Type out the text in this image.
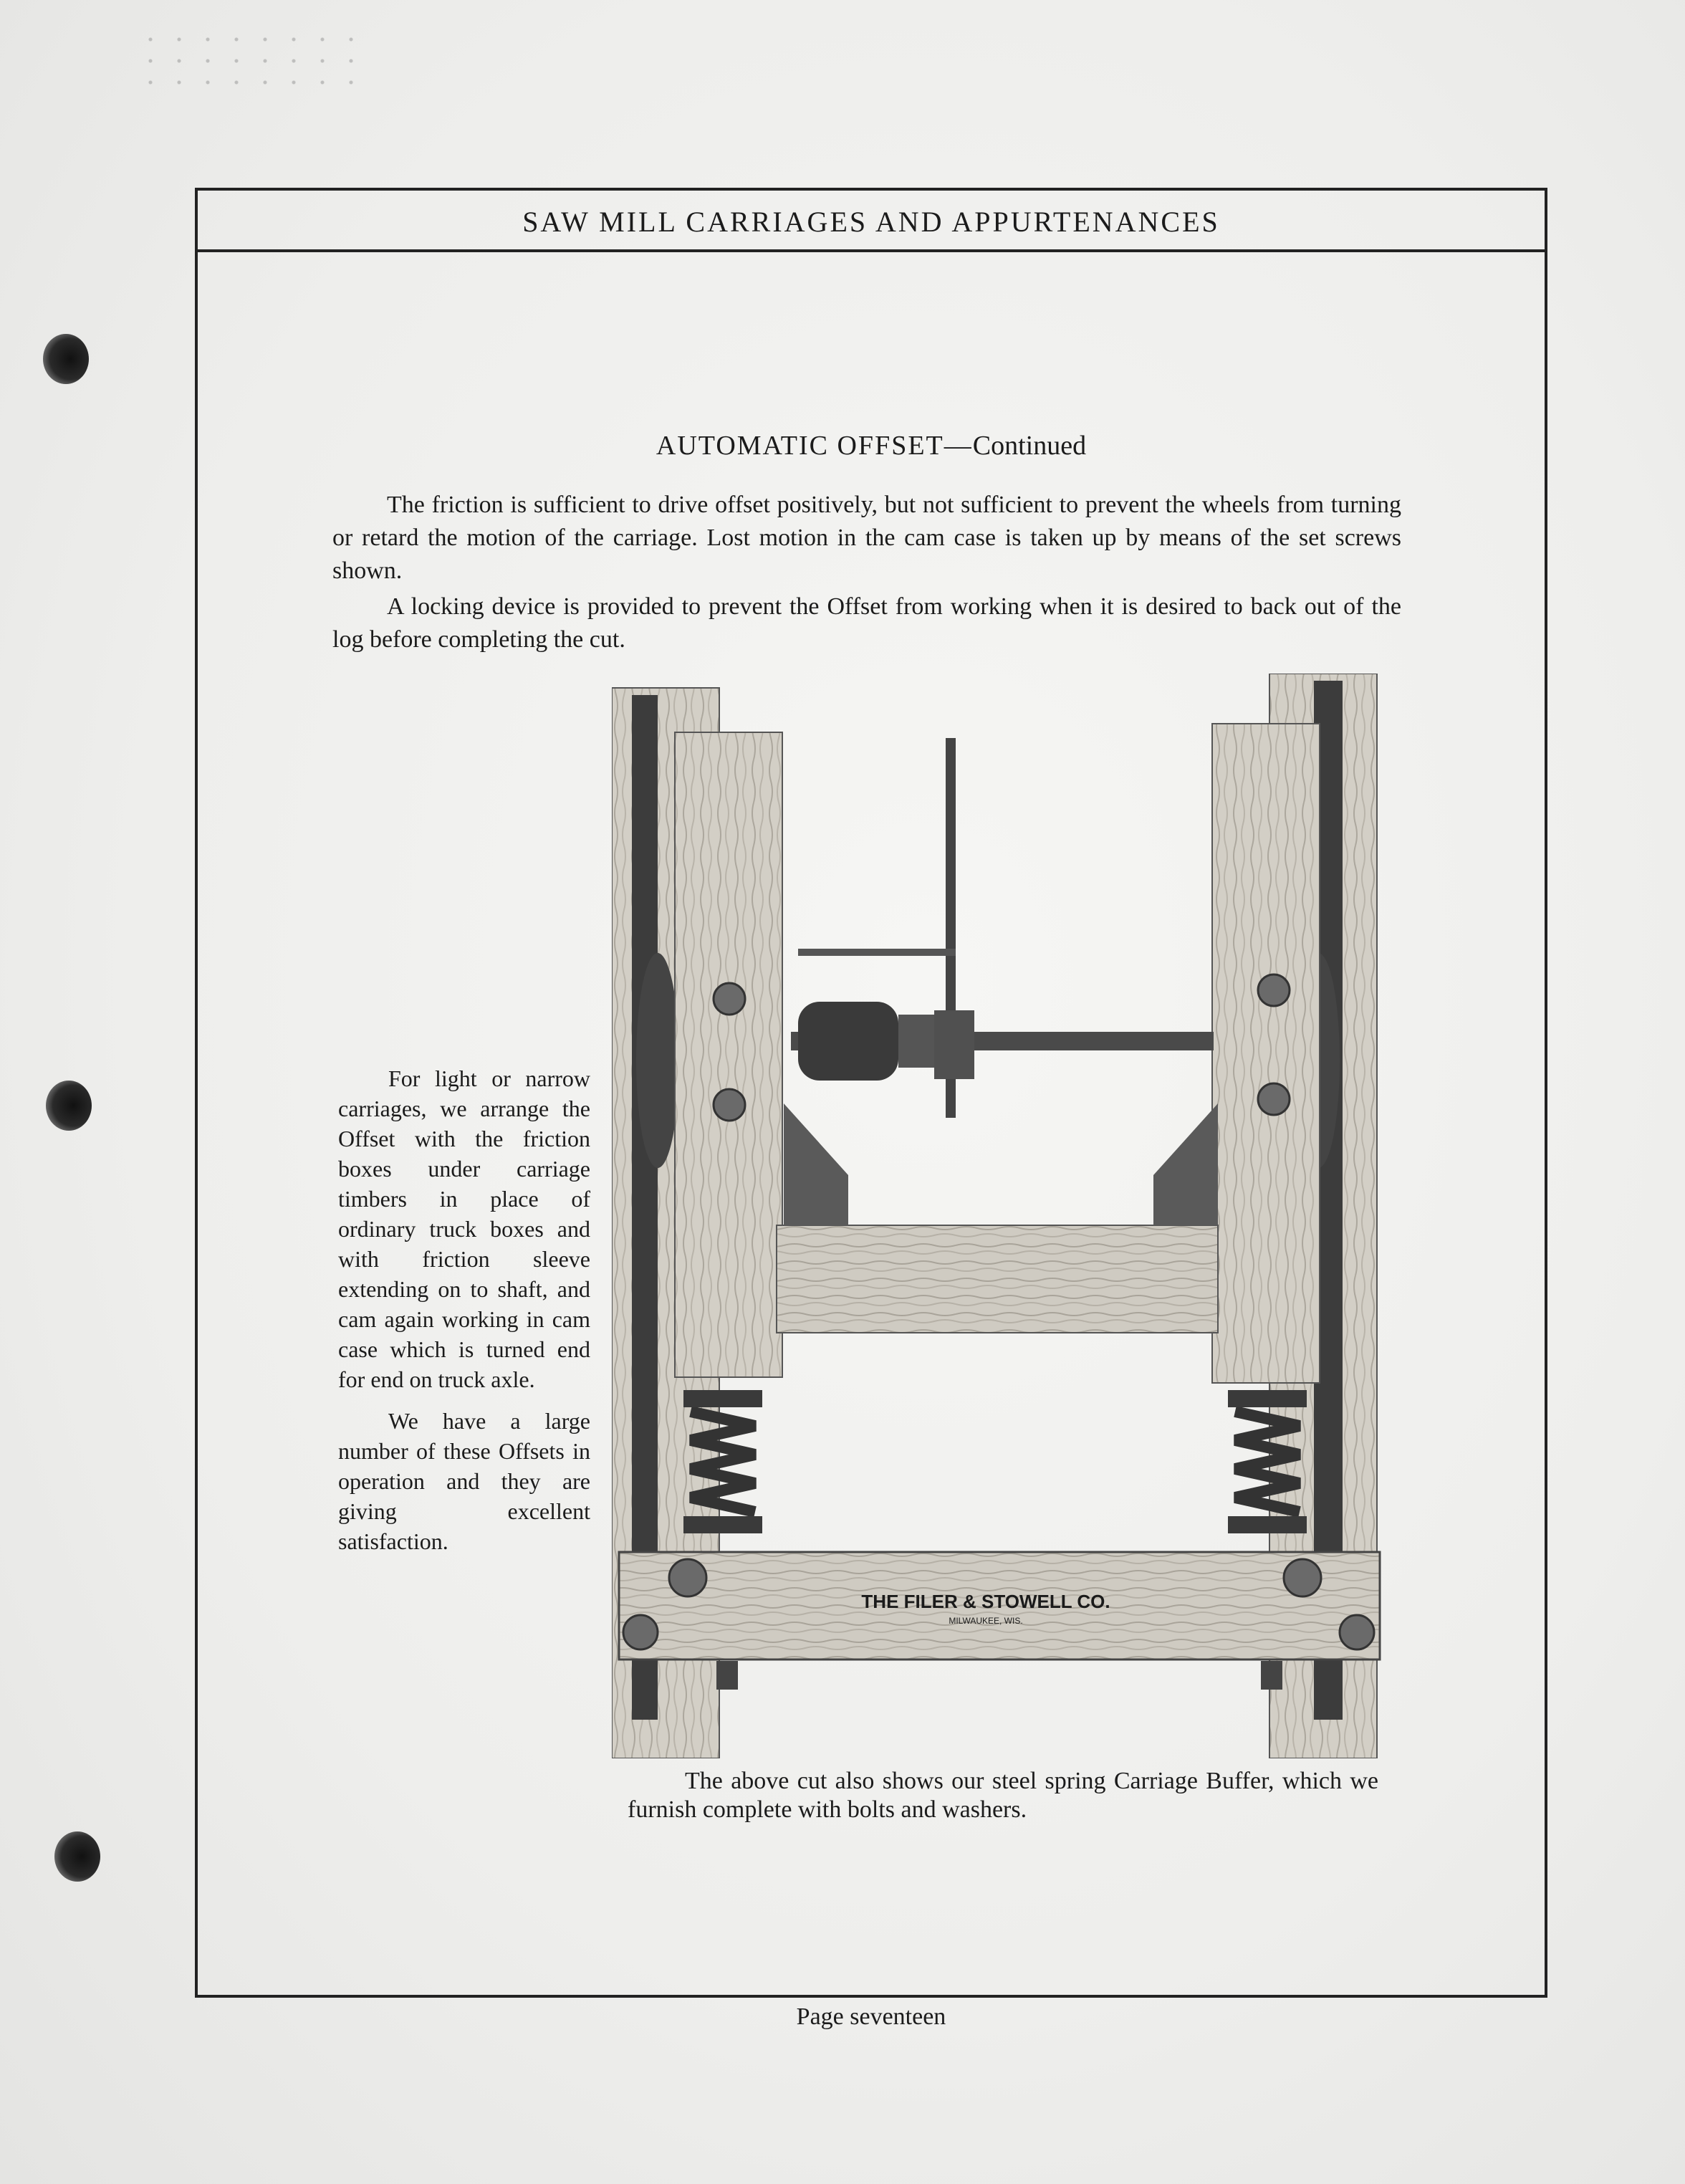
SAW MILL CARRIAGES AND APPURTENANCES
AUTOMATIC OFFSET—Continued

The friction is sufficient to drive offset positively, but not sufficient to prevent the wheels from turning or retard the motion of the carriage. Lost motion in the cam case is taken up by means of the set screws shown.

A locking device is provided to prevent the Offset from working when it is desired to back out of the log before completing the cut.

For light or narrow carriages, we arrange the Offset with the friction boxes under carriage timbers in place of ordinary truck boxes and with friction sleeve extending on to shaft, and cam again working in cam case which is turned end for end on truck axle.

We have a large number of these Offsets in operation and they are giving excellent satisfaction.

THE FILER & STOWELL CO.
MILWAUKEE, WIS.

The above cut also shows our steel spring Carriage Buffer, which we furnish complete with bolts and washers.

Page seventeen
